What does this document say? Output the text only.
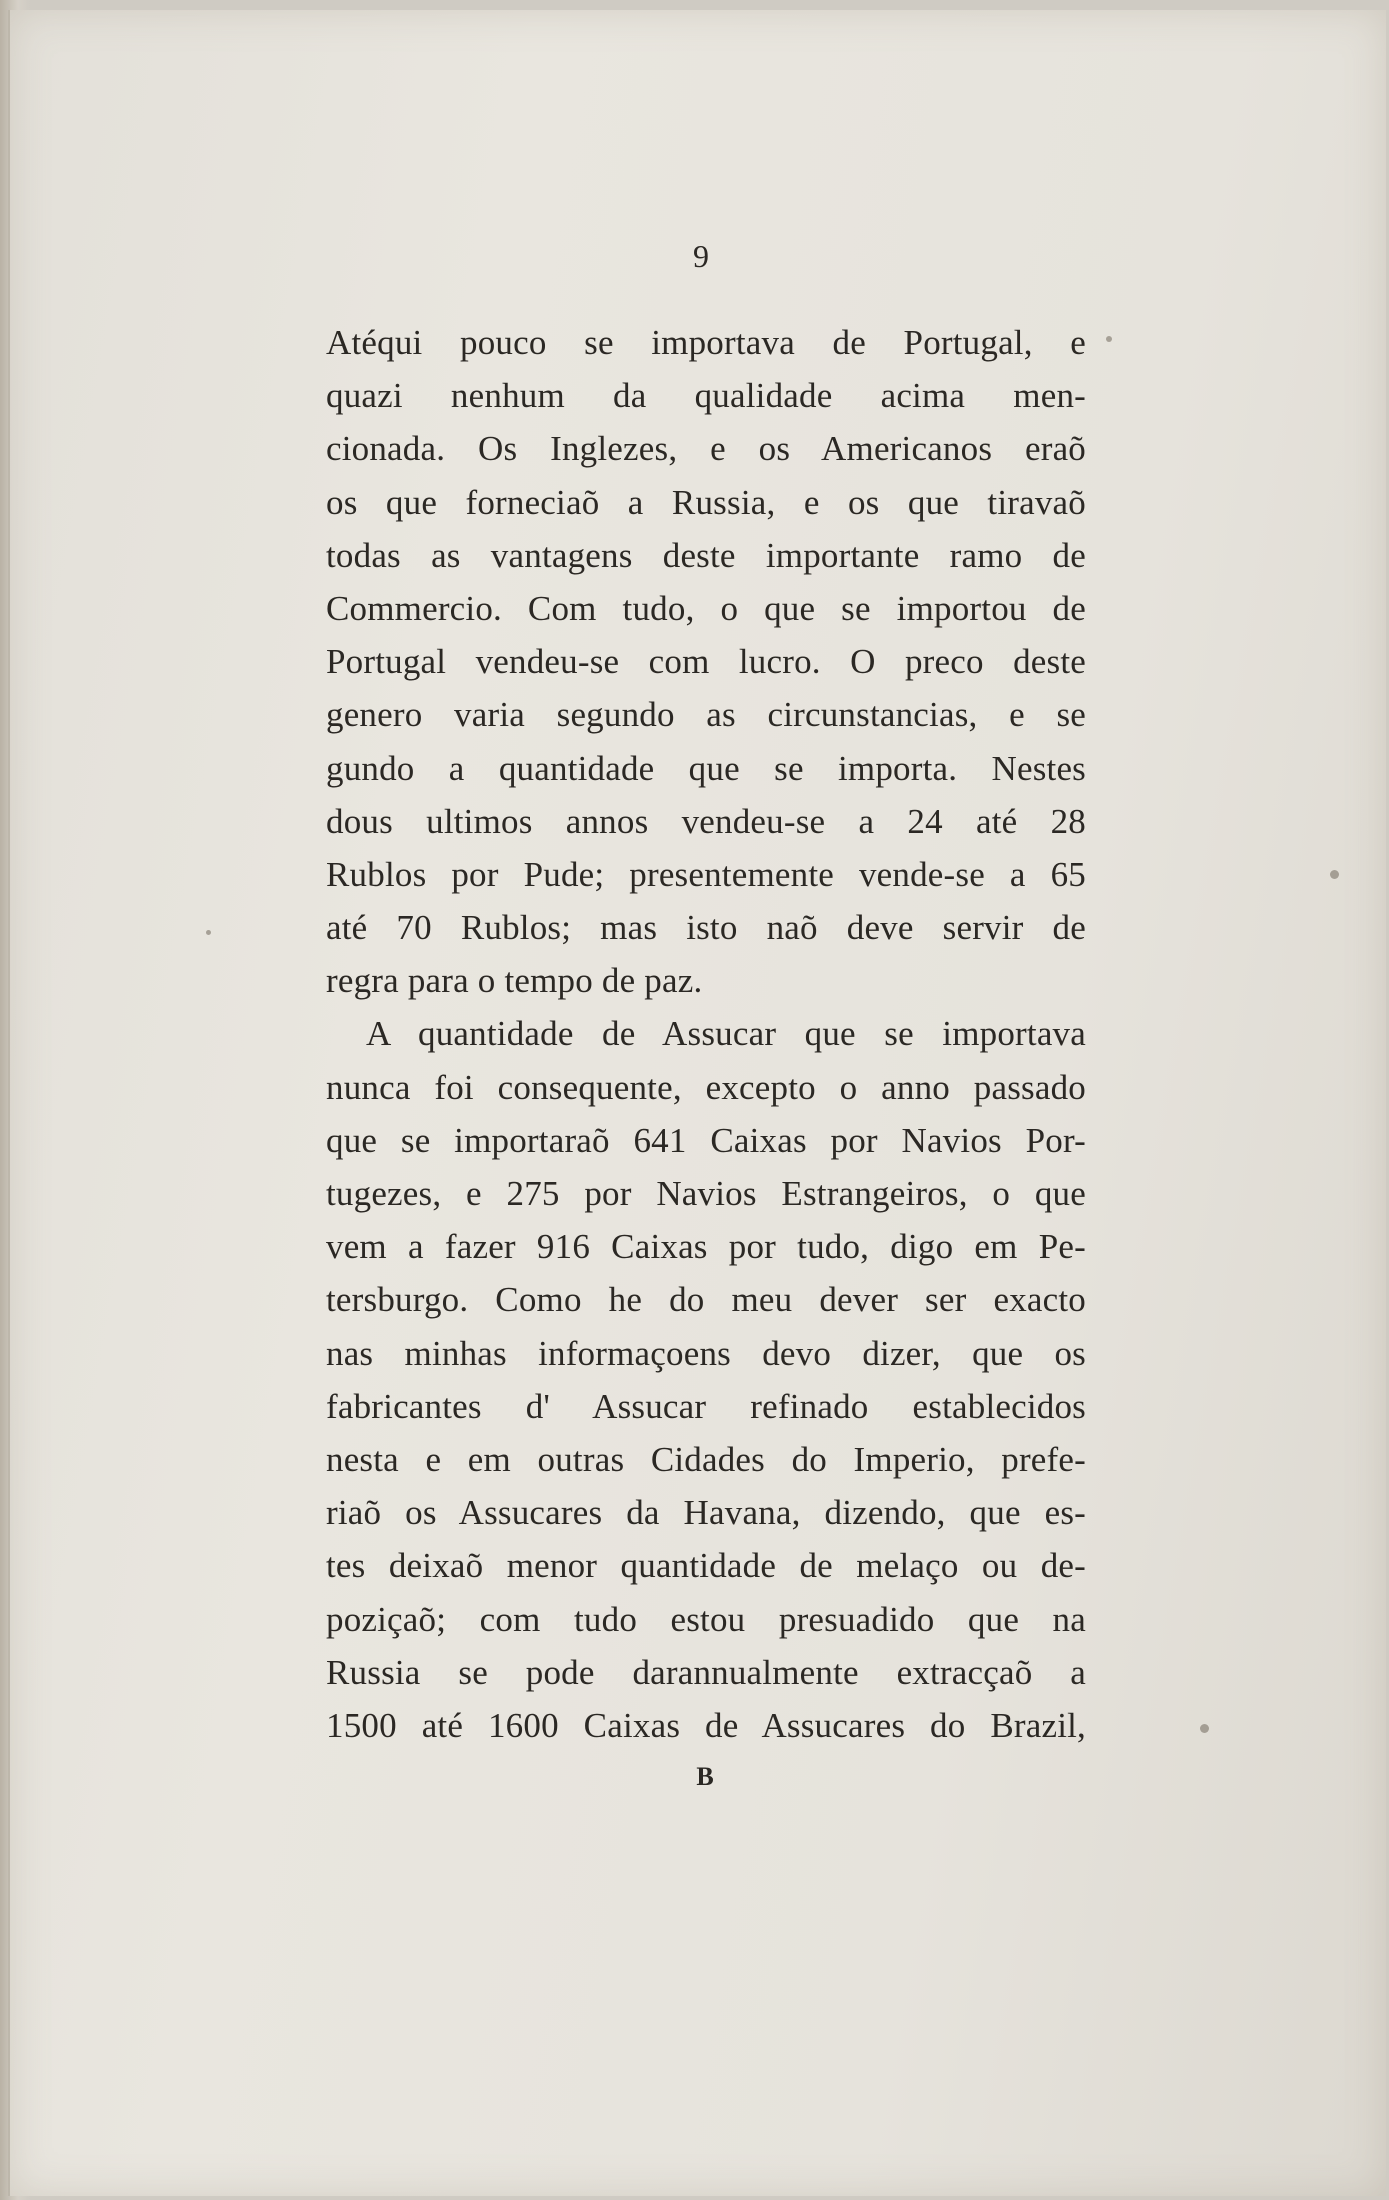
9
Atéqui pouco se importava de Portugal, e
quazi nenhum da qualidade acima men-
cionada. Os Inglezes, e os Americanos eraõ
os que forneciaõ a Russia, e os que tiravaõ
todas as vantagens deste importante ramo de
Commercio. Com tudo, o que se importou de
Portugal vendeu-se com lucro. O preco deste
genero varia segundo as circunstancias, e se
gundo a quantidade que se importa. Nestes
dous ultimos annos vendeu-se a 24 até 28
Rublos por Pude; presentemente vende-se a 65
até 70 Rublos; mas isto naõ deve servir de
regra para o tempo de paz.
A quantidade de Assucar que se importava
nunca foi consequente, excepto o anno passado
que se importaraõ 641 Caixas por Navios Por-
tugezes, e 275 por Navios Estrangeiros, o que
vem a fazer 916 Caixas por tudo, digo em Pe-
tersburgo. Como he do meu dever ser exacto
nas minhas informaçoens devo dizer, que os
fabricantes d' Assucar refinado establecidos
nesta e em outras Cidades do Imperio, prefe-
riaõ os Assucares da Havana, dizendo, que es-
tes deixaõ menor quantidade de melaço ou de-
poziçaõ; com tudo estou presuadido que na
Russia se pode darannualmente extracçaõ a
1500 até 1600 Caixas de Assucares do Brazil,
B
